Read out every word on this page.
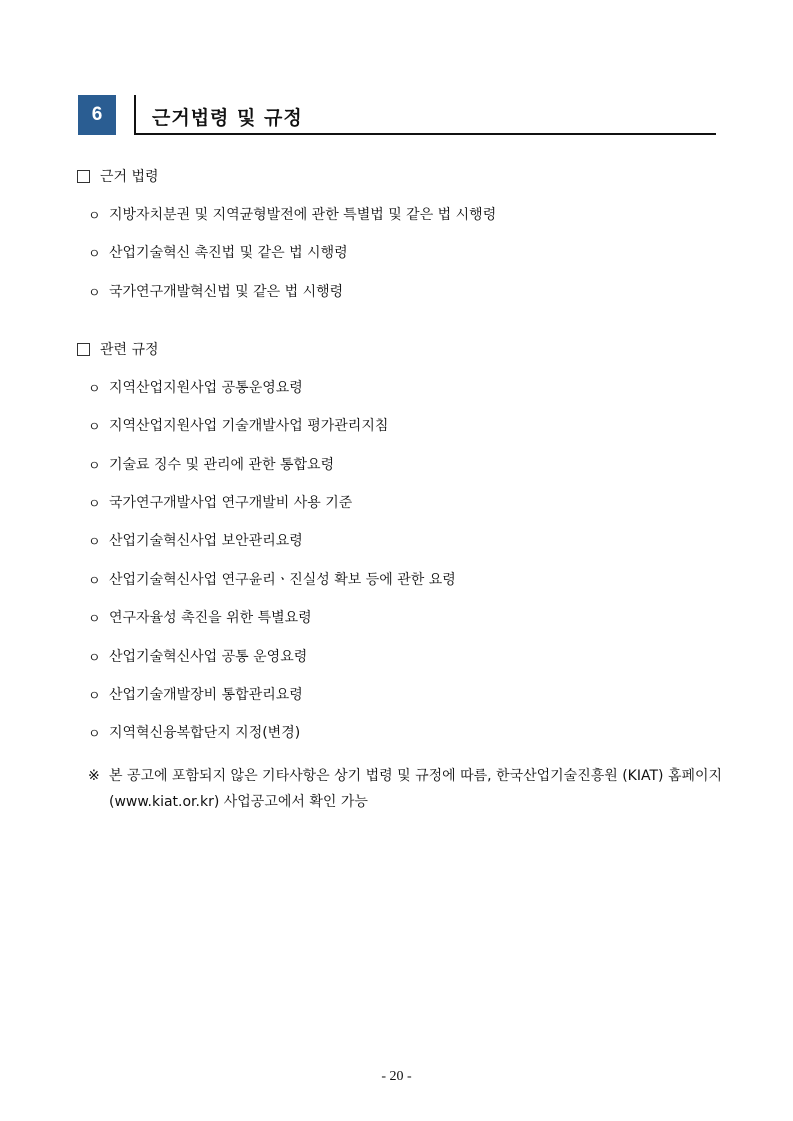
6	근거법령 및 규정
근거 법령
ㅇ 지방자치분권 및 지역균형발전에 관한 특별법 및 같은 법 시행령
ㅇ 산업기술혁신 촉진법 및 같은 법 시행령
ㅇ 국가연구개발혁신법 및 같은 법 시행령
관련 규정
ㅇ 지역산업지원사업 공통운영요령
ㅇ 지역산업지원사업 기술개발사업 평가관리지침
ㅇ 기술료 징수 및 관리에 관한 통합요령
ㅇ 국가연구개발사업 연구개발비 사용 기준
ㅇ 산업기술혁신사업 보안관리요령
ㅇ 산업기술혁신사업 연구윤리ㆍ진실성 확보 등에 관한 요령
ㅇ 연구자율성 촉진을 위한 특별요령
ㅇ 산업기술혁신사업 공통 운영요령
ㅇ 산업기술개발장비 통합관리요령
ㅇ 지역혁신융복합단지 지정(변경)
※ 본 공고에 포함되지 않은 기타사항은 상기 법령 및 규정에 따름, 한국산업기술진흥원 (KIAT) 홈페이지(www.kiat.or.kr) 사업공고에서 확인 가능
- 20 -
